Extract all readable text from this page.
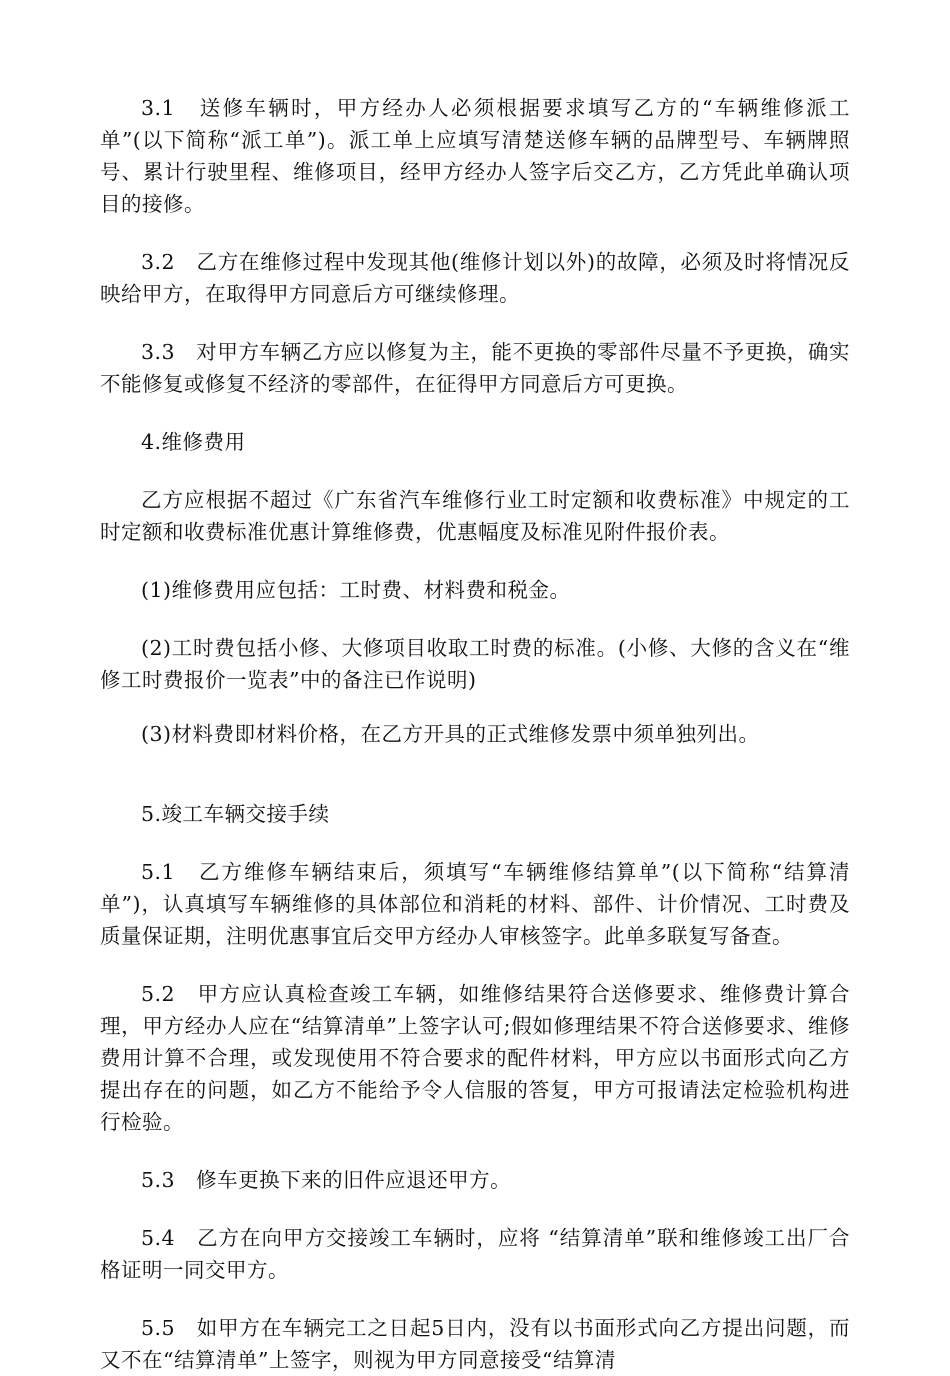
3.1　送修车辆时，甲方经办人必须根据要求填写乙方的“车辆维修派工单”(以下简称“派工单”)。派工单上应填写清楚送修车辆的品牌型号、车辆牌照号、累计行驶里程、维修项目，经甲方经办人签字后交乙方，乙方凭此单确认项目的接修。

3.2　乙方在维修过程中发现其他(维修计划以外)的故障，必须及时将情况反映给甲方，在取得甲方同意后方可继续修理。

3.3　对甲方车辆乙方应以修复为主，能不更换的零部件尽量不予更换，确实不能修复或修复不经济的零部件，在征得甲方同意后方可更换。

4.维修费用

乙方应根据不超过《广东省汽车维修行业工时定额和收费标准》中规定的工时定额和收费标准优惠计算维修费，优惠幅度及标准见附件报价表。

(1)维修费用应包括：工时费、材料费和税金。

(2)工时费包括小修、大修项目收取工时费的标准。(小修、大修的含义在“维修工时费报价一览表”中的备注已作说明)

(3)材料费即材料价格，在乙方开具的正式维修发票中须单独列出。

5.竣工车辆交接手续

5.1　乙方维修车辆结束后，须填写“车辆维修结算单”(以下简称“结算清单”)，认真填写车辆维修的具体部位和消耗的材料、部件、计价情况、工时费及质量保证期，注明优惠事宜后交甲方经办人审核签字。此单多联复写备查。

5.2　甲方应认真检查竣工车辆，如维修结果符合送修要求、维修费计算合理，甲方经办人应在“结算清单”上签字认可;假如修理结果不符合送修要求、维修费用计算不合理，或发现使用不符合要求的配件材料，甲方应以书面形式向乙方提出存在的问题，如乙方不能给予令人信服的答复，甲方可报请法定检验机构进行检验。

5.3　修车更换下来的旧件应退还甲方。

5.4　乙方在向甲方交接竣工车辆时，应将 “结算清单”联和维修竣工出厂合格证明一同交甲方。

5.5　如甲方在车辆完工之日起5日内，没有以书面形式向乙方提出问题，而又不在“结算清单”上签字，则视为甲方同意接受“结算清
